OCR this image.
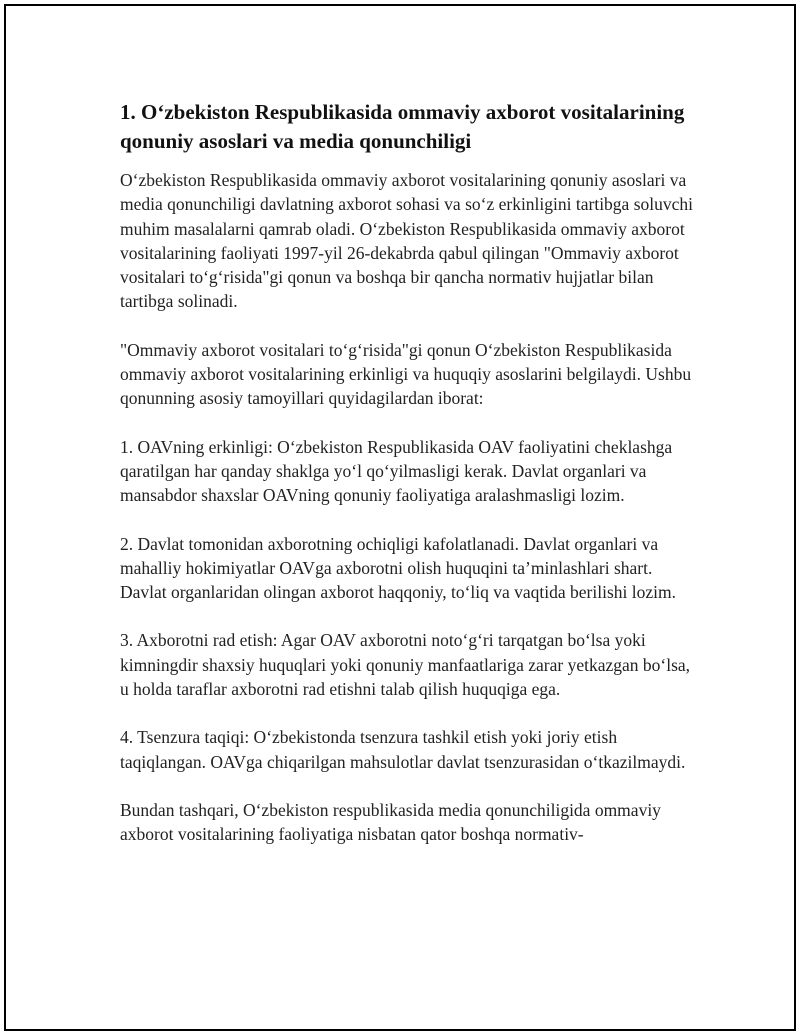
1. O‘zbekiston Respublikasida ommaviy axborot vositalarining qonuniy asoslari va media qonunchiligi

O‘zbekiston Respublikasida ommaviy axborot vositalarining qonuniy asoslari va media qonunchiligi davlatning axborot sohasi va so‘z erkinligini tartibga soluvchi muhim masalalarni qamrab oladi. O‘zbekiston Respublikasida ommaviy axborot vositalarining faoliyati 1997-yil 26-dekabrda qabul qilingan "Ommaviy axborot vositalari to‘g‘risida"gi qonun va boshqa bir qancha normativ hujjatlar bilan tartibga solinadi.

"Ommaviy axborot vositalari to‘g‘risida"gi qonun O‘zbekiston Respublikasida ommaviy axborot vositalarining erkinligi va huquqiy asoslarini belgilaydi. Ushbu qonunning asosiy tamoyillari quyidagilardan iborat:

1. OAVning erkinligi: O‘zbekiston Respublikasida OAV faoliyatini cheklashga qaratilgan har qanday shaklga yo‘l qo‘yilmasligi kerak. Davlat organlari va mansabdor shaxslar OAVning qonuniy faoliyatiga aralashmasligi lozim.

2. Davlat tomonidan axborotning ochiqligi kafolatlanadi. Davlat organlari va mahalliy hokimiyatlar OAVga axborotni olish huquqini ta’minlashlari shart. Davlat organlaridan olingan axborot haqqoniy, to‘liq va vaqtida berilishi lozim.

3. Axborotni rad etish: Agar OAV axborotni noto‘g‘ri tarqatgan bo‘lsa yoki kimningdir shaxsiy huquqlari yoki qonuniy manfaatlariga zarar yetkazgan bo‘lsa, u holda taraflar axborotni rad etishni talab qilish huquqiga ega.

4. Tsenzura taqiqi: O‘zbekistonda tsenzura tashkil etish yoki joriy etish taqiqlangan. OAVga chiqarilgan mahsulotlar davlat tsenzurasidan o‘tkazilmaydi.

Bundan tashqari, O‘zbekiston respublikasida media qonunchiligida ommaviy axborot vositalarining faoliyatiga nisbatan qator boshqa normativ-
